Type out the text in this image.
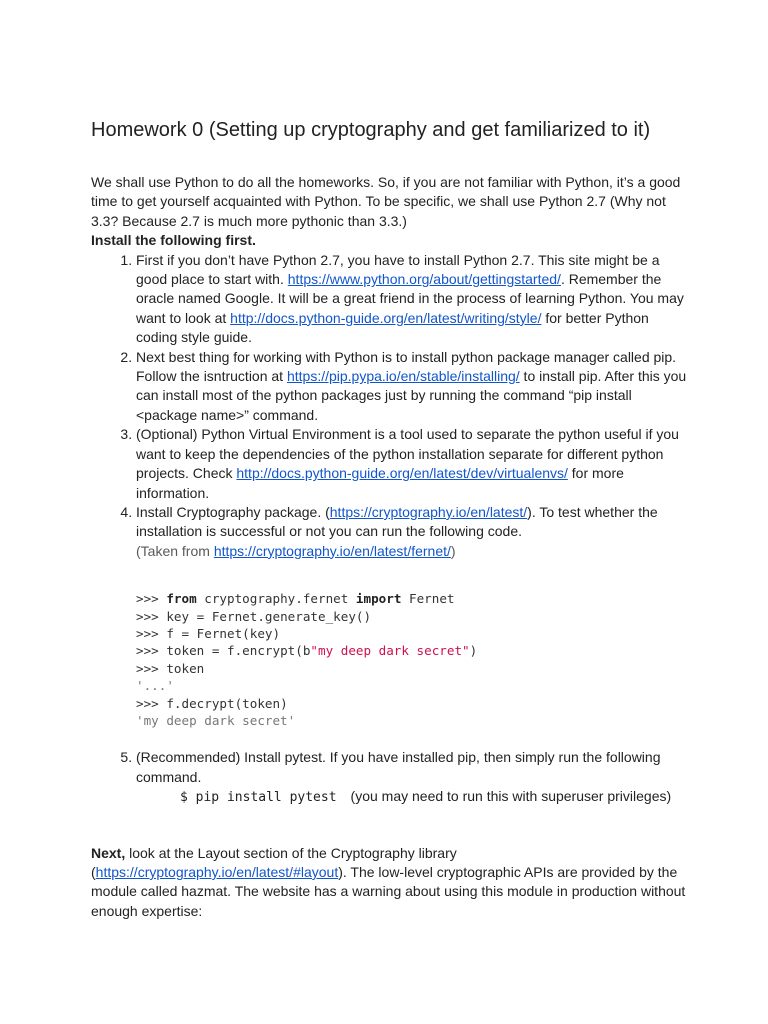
Homework 0 (Setting up cryptography and get familiarized to it)

We shall use Python to do all the homeworks. So, if you are not familiar with Python, it’s a good time to get yourself acquainted with Python. To be specific, we shall use Python 2.7 (Why not 3.3? Because 2.7 is much more pythonic than 3.3.)

Install the following first.

1. First if you don’t have Python 2.7, you have to install Python 2.7. This site might be a good place to start with. https://www.python.org/about/gettingstarted/. Remember the oracle named Google. It will be a great friend in the process of learning Python. You may want to look at http://docs.python-guide.org/en/latest/writing/style/ for better Python coding style guide.
2. Next best thing for working with Python is to install python package manager called pip. Follow the isntruction at https://pip.pypa.io/en/stable/installing/ to install pip. After this you can install most of the python packages just by running the command “pip install <package name>” command.
3. (Optional) Python Virtual Environment is a tool used to separate the python useful if you want to keep the dependencies of the python installation separate for different python projects. Check http://docs.python-guide.org/en/latest/dev/virtualenvs/ for more information.
4. Install Cryptography package. (https://cryptography.io/en/latest/). To test whether the installation is successful or not you can run the following code.
(Taken from https://cryptography.io/en/latest/fernet/)
>>> from cryptography.fernet import Fernet
>>> key = Fernet.generate_key()
>>> f = Fernet(key)
>>> token = f.encrypt(b"my deep dark secret")
>>> token
'...'
>>> f.decrypt(token)
'my deep dark secret'
5. (Recommended) Install pytest. If you have installed pip, then simply run the following command.
$ pip install pytest (you may need to run this with superuser privileges)

Next, look at the Layout section of the Cryptography library (https://cryptography.io/en/latest/#layout). The low-level cryptographic APIs are provided by the module called hazmat. The website has a warning about using this module in production without enough expertise:
